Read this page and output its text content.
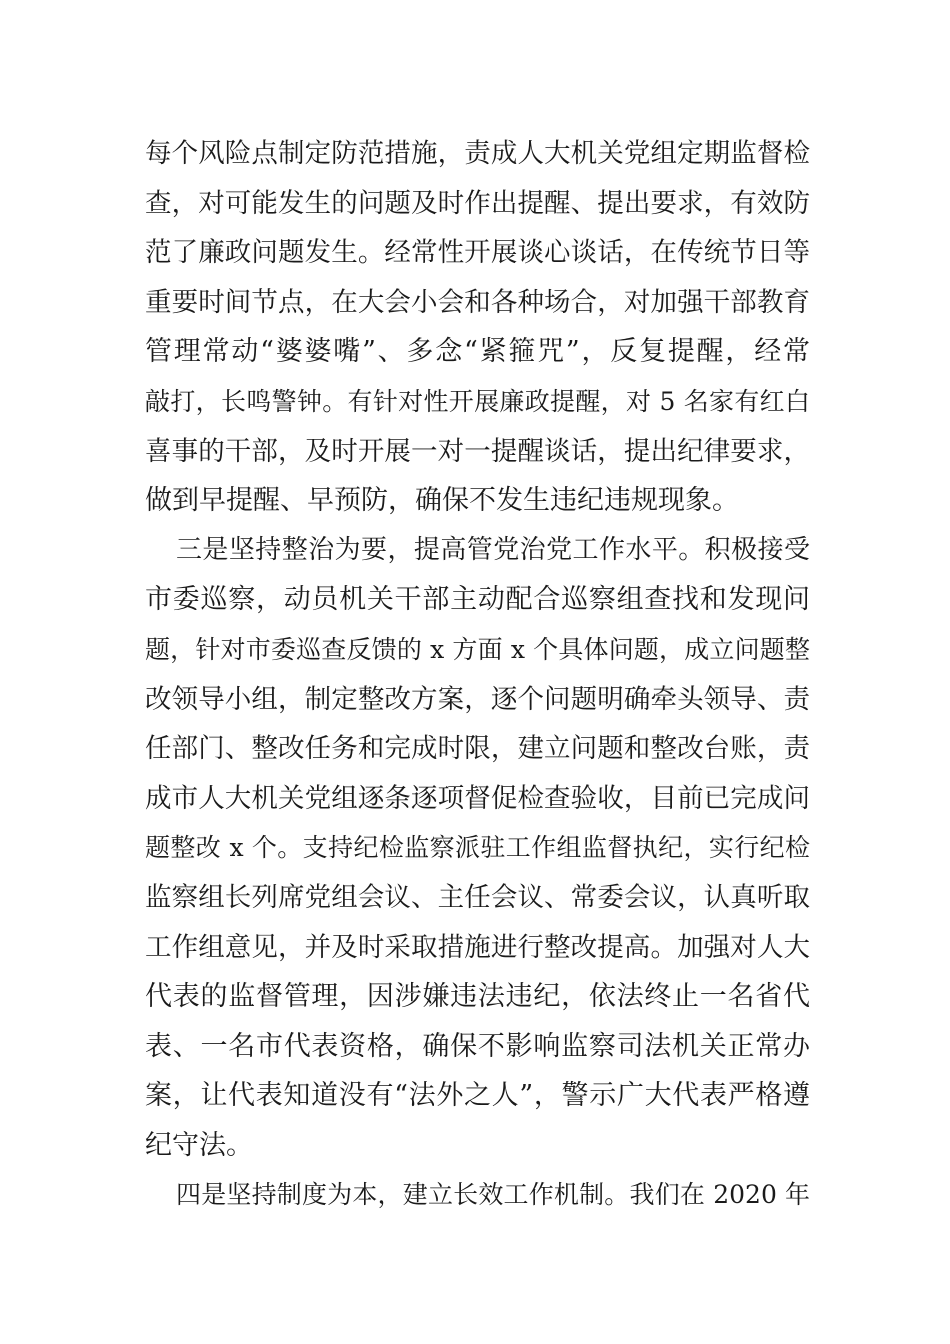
每个风险点制定防范措施，责成人大机关党组定期监督检
查，对可能发生的问题及时作出提醒、提出要求，有效防
范了廉政问题发生。经常性开展谈心谈话，在传统节日等
重要时间节点，在大会小会和各种场合，对加强干部教育
管理常动“婆婆嘴”、多念“紧箍咒”，反复提醒，经常
敲打，长鸣警钟。有针对性开展廉政提醒，对 5 名家有红白
喜事的干部，及时开展一对一提醒谈话，提出纪律要求，
做到早提醒、早预防，确保不发生违纪违规现象。
三是坚持整治为要，提高管党治党工作水平。积极接受
市委巡察，动员机关干部主动配合巡察组查找和发现问
题，针对市委巡查反馈的 x 方面 x 个具体问题，成立问题整
改领导小组，制定整改方案，逐个问题明确牵头领导、责
任部门、整改任务和完成时限，建立问题和整改台账，责
成市人大机关党组逐条逐项督促检查验收，目前已完成问
题整改 x 个。支持纪检监察派驻工作组监督执纪，实行纪检
监察组长列席党组会议、主任会议、常委会议，认真听取
工作组意见，并及时采取措施进行整改提高。加强对人大
代表的监督管理，因涉嫌违法违纪，依法终止一名省代
表、一名市代表资格，确保不影响监察司法机关正常办
案，让代表知道没有“法外之人”，警示广大代表严格遵
纪守法。
四是坚持制度为本，建立长效工作机制。我们在 2020 年
